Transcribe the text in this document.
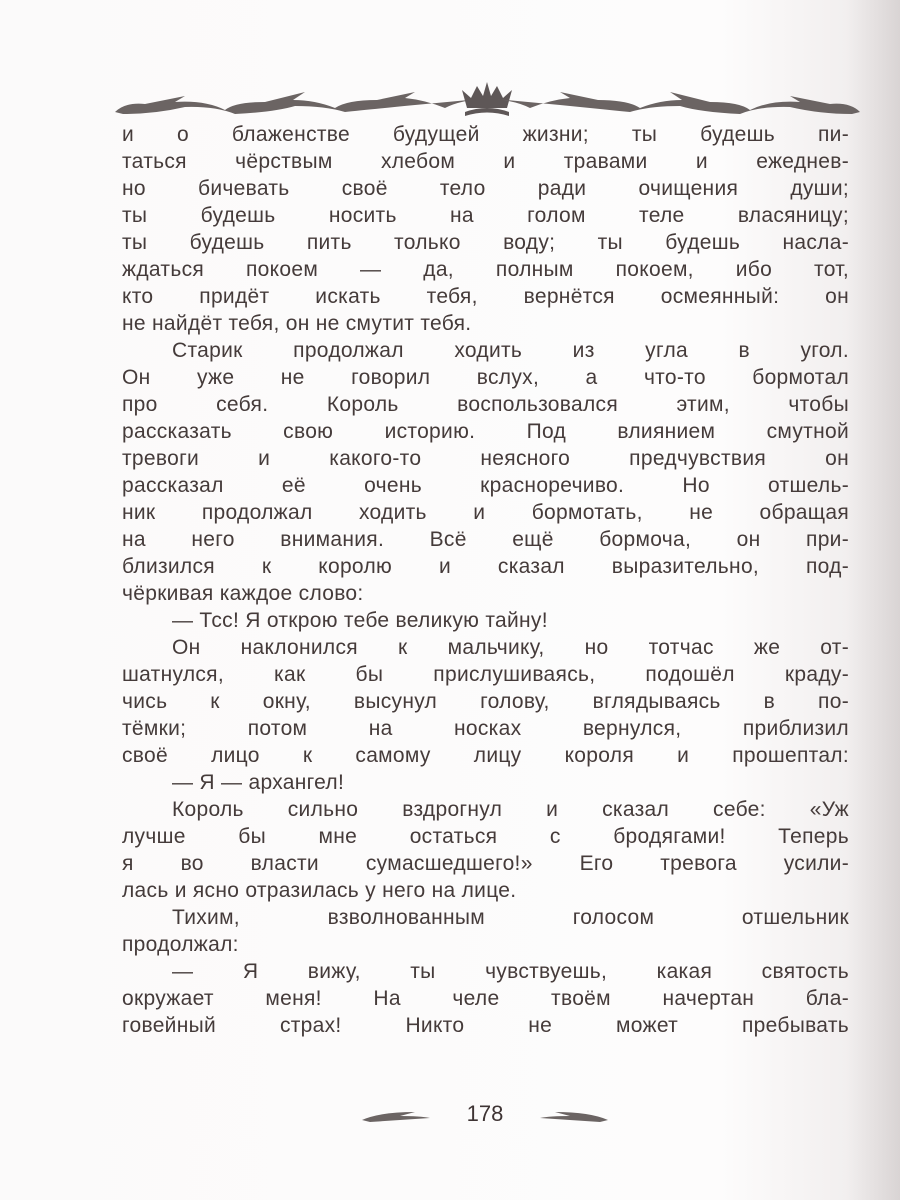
и о блаженстве будущей жизни; ты будешь пи-
таться чёрствым хлебом и травами и ежеднев-
но бичевать своё тело ради очищения души;
ты будешь носить на голом теле власяницу;
ты будешь пить только воду; ты будешь насла-
ждаться покоем — да, полным покоем, ибо тот,
кто придёт искать тебя, вернётся осмеянный: он
не найдёт тебя, он не смутит тебя.
Старик продолжал ходить из угла в угол.
Он уже не говорил вслух, а что-то бормотал
про себя. Король воспользовался этим, чтобы
рассказать свою историю. Под влиянием смутной
тревоги и какого-то неясного предчувствия он
рассказал её очень красноречиво. Но отшель-
ник продолжал ходить и бормотать, не обращая
на него внимания. Всё ещё бормоча, он при-
близился к королю и сказал выразительно, под-
чёркивая каждое слово:
— Тсс! Я открою тебе великую тайну!
Он наклонился к мальчику, но тотчас же от-
шатнулся, как бы прислушиваясь, подошёл краду-
чись к окну, высунул голову, вглядываясь в по-
тёмки; потом на носках вернулся, приблизил
своё лицо к самому лицу короля и прошептал:
— Я — архангел!
Король сильно вздрогнул и сказал себе: «Уж
лучше бы мне остаться с бродягами! Теперь
я во власти сумасшедшего!» Его тревога усили-
лась и ясно отразилась у него на лице.
Тихим, взволнованным голосом отшельник
продолжал:
— Я вижу, ты чувствуешь, какая святость
окружает меня! На челе твоём начертан бла-
говейный страх! Никто не может пребывать
178
